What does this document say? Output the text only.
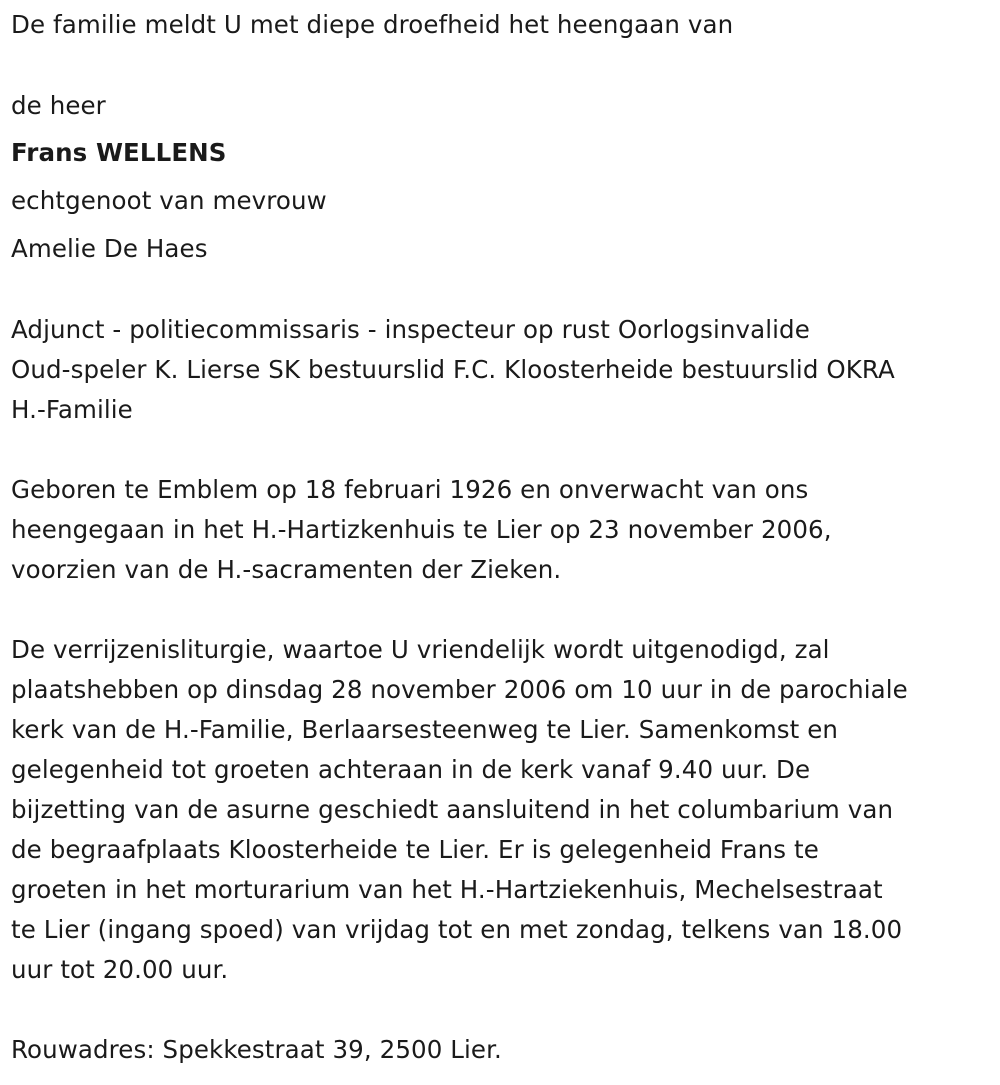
De familie meldt U met diepe droefheid het heengaan van
de heer
Frans WELLENS
echtgenoot van mevrouw
Amelie De Haes
Adjunct - politiecommissaris - inspecteur op rust Oorlogsinvalide
Oud-speler K. Lierse SK bestuurslid F.C. Kloosterheide bestuurslid OKRA
H.-Familie
Geboren te Emblem op 18 februari 1926 en onverwacht van ons
heengegaan in het H.-Hartizkenhuis te Lier op 23 november 2006,
voorzien van de H.-sacramenten der Zieken.
De verrijzenisliturgie, waartoe U vriendelijk wordt uitgenodigd, zal
plaatshebben op dinsdag 28 november 2006 om 10 uur in de parochiale
kerk van de H.-Familie, Berlaarsesteenweg te Lier. Samenkomst en
gelegenheid tot groeten achteraan in de kerk vanaf 9.40 uur. De
bijzetting van de asurne geschiedt aansluitend in het columbarium van
de begraafplaats Kloosterheide te Lier. Er is gelegenheid Frans te
groeten in het morturarium van het H.-Hartziekenhuis, Mechelsestraat
te Lier (ingang spoed) van vrijdag tot en met zondag, telkens van 18.00
uur tot 20.00 uur.
Rouwadres: Spekkestraat 39, 2500 Lier.
